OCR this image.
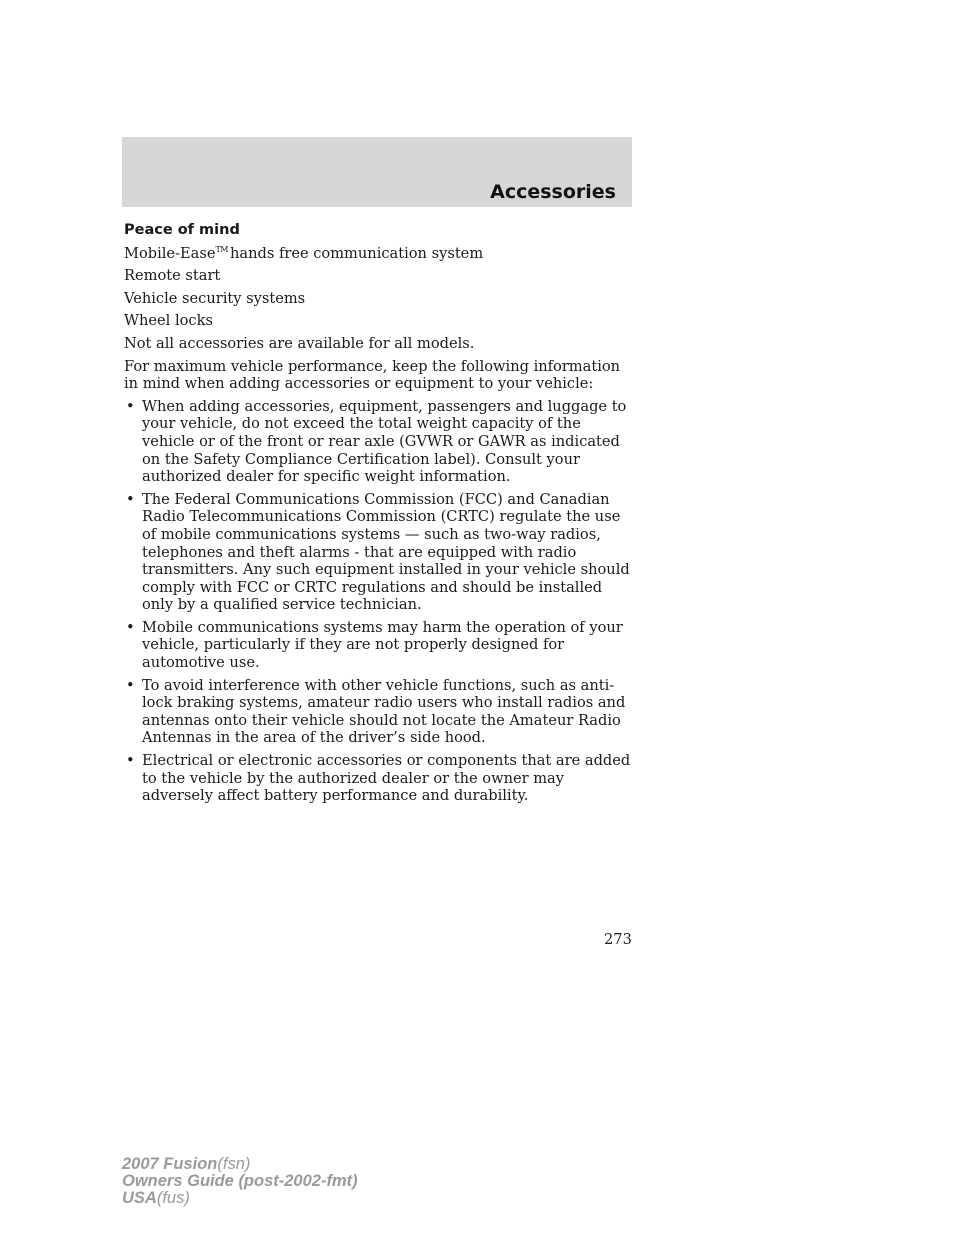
Accessories
Peace of mind
Mobile-Ease™ hands free communication system
Remote start
Vehicle security systems
Wheel locks
Not all accessories are available for all models.
For maximum vehicle performance, keep the following information in mind when adding accessories or equipment to your vehicle:
• When adding accessories, equipment, passengers and luggage to your vehicle, do not exceed the total weight capacity of the vehicle or of the front or rear axle (GVWR or GAWR as indicated on the Safety Compliance Certification label). Consult your authorized dealer for specific weight information.
• The Federal Communications Commission (FCC) and Canadian Radio Telecommunications Commission (CRTC) regulate the use of mobile communications systems — such as two-way radios, telephones and theft alarms - that are equipped with radio transmitters. Any such equipment installed in your vehicle should comply with FCC or CRTC regulations and should be installed only by a qualified service technician.
• Mobile communications systems may harm the operation of your vehicle, particularly if they are not properly designed for automotive use.
• To avoid interference with other vehicle functions, such as anti-lock braking systems, amateur radio users who install radios and antennas onto their vehicle should not locate the Amateur Radio Antennas in the area of the driver’s side hood.
• Electrical or electronic accessories or components that are added to the vehicle by the authorized dealer or the owner may adversely affect battery performance and durability.
273
2007 Fusion(fsn)
Owners Guide (post-2002-fmt)
USA(fus)
